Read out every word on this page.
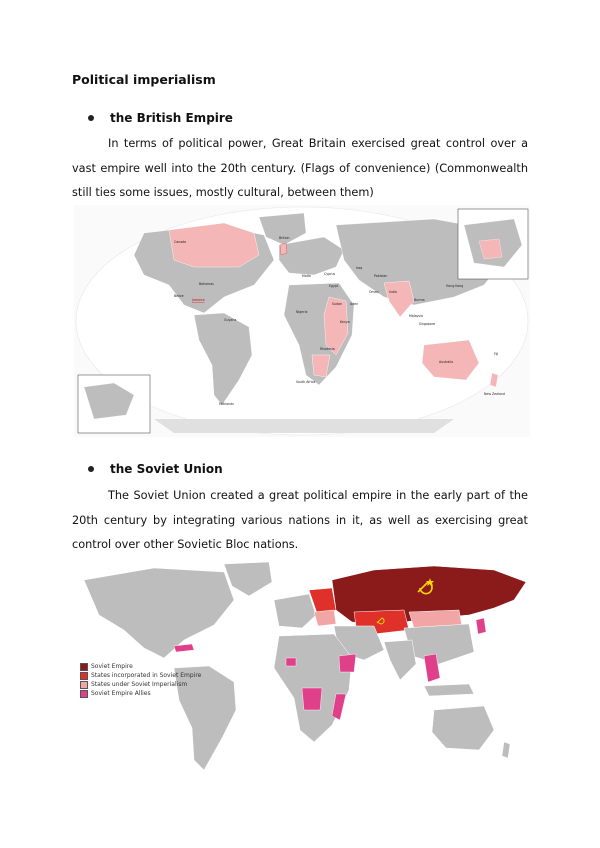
Political imperialism
the British Empire

In terms of political power, Great Britain exercised great control over a vast empire well into the 20th century. (Flags of convenience) (Commonwealth still ties some issues, mostly cultural, between them)

Britain
Canada
Australia
India
Egypt	Hong Kong
Sudan
Kenya
Nigeria
Rhodesia
Malaysia
New Zealand
Fiji
Cyprus
Malta
Jamaica
Bahamas
Belize
Guyana
Falklands
South Africa
Aden
Singapore
Burma
Pakistan
Iraq
Oman
the Soviet Union

The Soviet Union created a great political empire in the early part of the 20th century by integrating various nations in it, as well as exercising great control over other Sovietic Bloc nations.

Soviet Empire
States incorporated in Soviet Empire
States under Soviet Imperialism
Soviet Empire Allies
